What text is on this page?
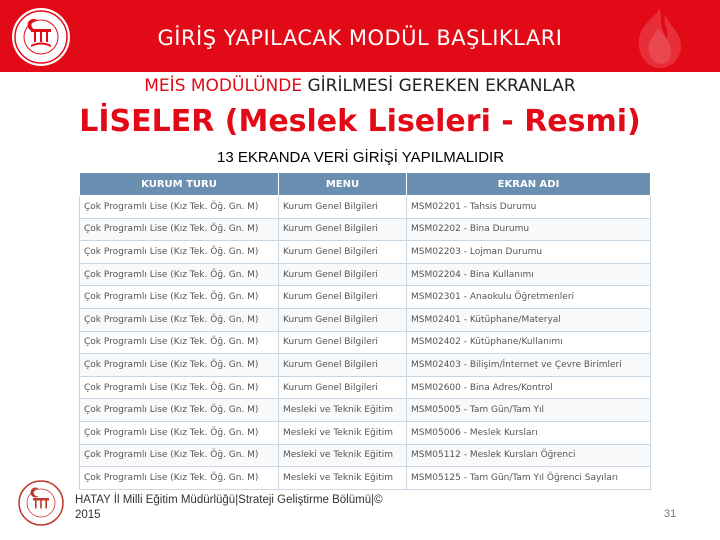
GİRİŞ YAPILACAK MODÜL BAŞLIKLARI
MEİS MODÜLÜNDE GİRİLMESİ GEREKEN EKRANLAR
LİSELER (Meslek Liseleri - Resmi)
13 EKRANDA VERİ GİRİŞİ YAPILMALIDIR
KURUM TURU	MENU	EKRAN ADI
Çok Programlı Lise (Kız Tek. Öğ. Gn. M)	Kurum Genel Bilgileri	MSM02201 - Tahsis Durumu
Çok Programlı Lise (Kız Tek. Öğ. Gn. M)	Kurum Genel Bilgileri	MSM02202 - Bina Durumu
Çok Programlı Lise (Kız Tek. Öğ. Gn. M)	Kurum Genel Bilgileri	MSM02203 - Lojman Durumu
Çok Programlı Lise (Kız Tek. Öğ. Gn. M)	Kurum Genel Bilgileri	MSM02204 - Bina Kullanımı
Çok Programlı Lise (Kız Tek. Öğ. Gn. M)	Kurum Genel Bilgileri	MSM02301 - Anaokulu Öğretmenleri
Çok Programlı Lise (Kız Tek. Öğ. Gn. M)	Kurum Genel Bilgileri	MSM02401 - Kütüphane/Materyal
Çok Programlı Lise (Kız Tek. Öğ. Gn. M)	Kurum Genel Bilgileri	MSM02402 - Kütüphane/Kullanımı
Çok Programlı Lise (Kız Tek. Öğ. Gn. M)	Kurum Genel Bilgileri	MSM02403 - Bilişim/İnternet ve Çevre Birimleri
Çok Programlı Lise (Kız Tek. Öğ. Gn. M)	Kurum Genel Bilgileri	MSM02600 - Bina Adres/Kontrol
Çok Programlı Lise (Kız Tek. Öğ. Gn. M)	Mesleki ve Teknik Eğitim	MSM05005 - Tam Gün/Tam Yıl
Çok Programlı Lise (Kız Tek. Öğ. Gn. M)	Mesleki ve Teknik Eğitim	MSM05006 - Meslek Kursları
Çok Programlı Lise (Kız Tek. Öğ. Gn. M)	Mesleki ve Teknik Eğitim	MSM05112 - Meslek Kursları Öğrenci
Çok Programlı Lise (Kız Tek. Öğ. Gn. M)	Mesleki ve Teknik Eğitim	MSM05125 - Tam Gün/Tam Yıl Öğrenci Sayıları
HATAY İl Milli Eğitim Müdürlüğü|Strateji Geliştirme Bölümü|©
2015	31
